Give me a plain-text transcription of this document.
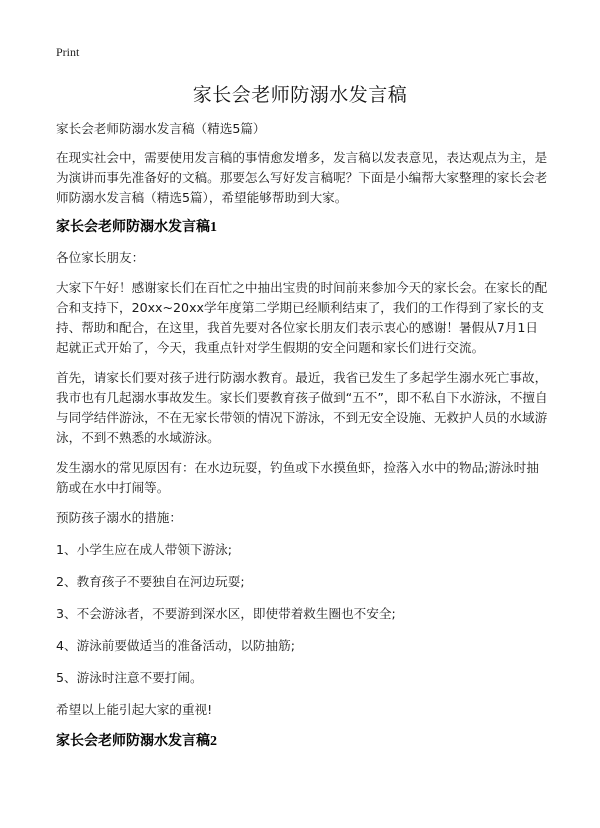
Print
家长会老师防溺水发言稿

家长会老师防溺水发言稿（精选5篇）

在现实社会中，需要使用发言稿的事情愈发增多，发言稿以发表意见，表达观点为主，是为演讲而事先准备好的文稿。那要怎么写好发言稿呢？下面是小编帮大家整理的家长会老师防溺水发言稿（精选5篇），希望能够帮助到大家。

家长会老师防溺水发言稿1

各位家长朋友：

大家下午好！感谢家长们在百忙之中抽出宝贵的时间前来参加今天的家长会。在家长的配合和支持下，20xx~20xx学年度第二学期已经顺利结束了，我们的工作得到了家长的支持、帮助和配合，在这里，我首先要对各位家长朋友们表示衷心的感谢！暑假从7月1日起就正式开始了，今天，我重点针对学生假期的安全问题和家长们进行交流。

首先，请家长们要对孩子进行防溺水教育。最近，我省已发生了多起学生溺水死亡事故，我市也有几起溺水事故发生。家长们要教育孩子做到“五不”，即不私自下水游泳，不擅自与同学结伴游泳，不在无家长带领的情况下游泳，不到无安全设施、无救护人员的水域游泳，不到不熟悉的水域游泳。

发生溺水的常见原因有：在水边玩耍，钓鱼或下水摸鱼虾，捡落入水中的物品;游泳时抽筋或在水中打闹等。

预防孩子溺水的措施：

1、小学生应在成人带领下游泳;

2、教育孩子不要独自在河边玩耍;

3、不会游泳者，不要游到深水区，即使带着救生圈也不安全;

4、游泳前要做适当的准备活动，以防抽筋;

5、游泳时注意不要打闹。

希望以上能引起大家的重视!

家长会老师防溺水发言稿2
